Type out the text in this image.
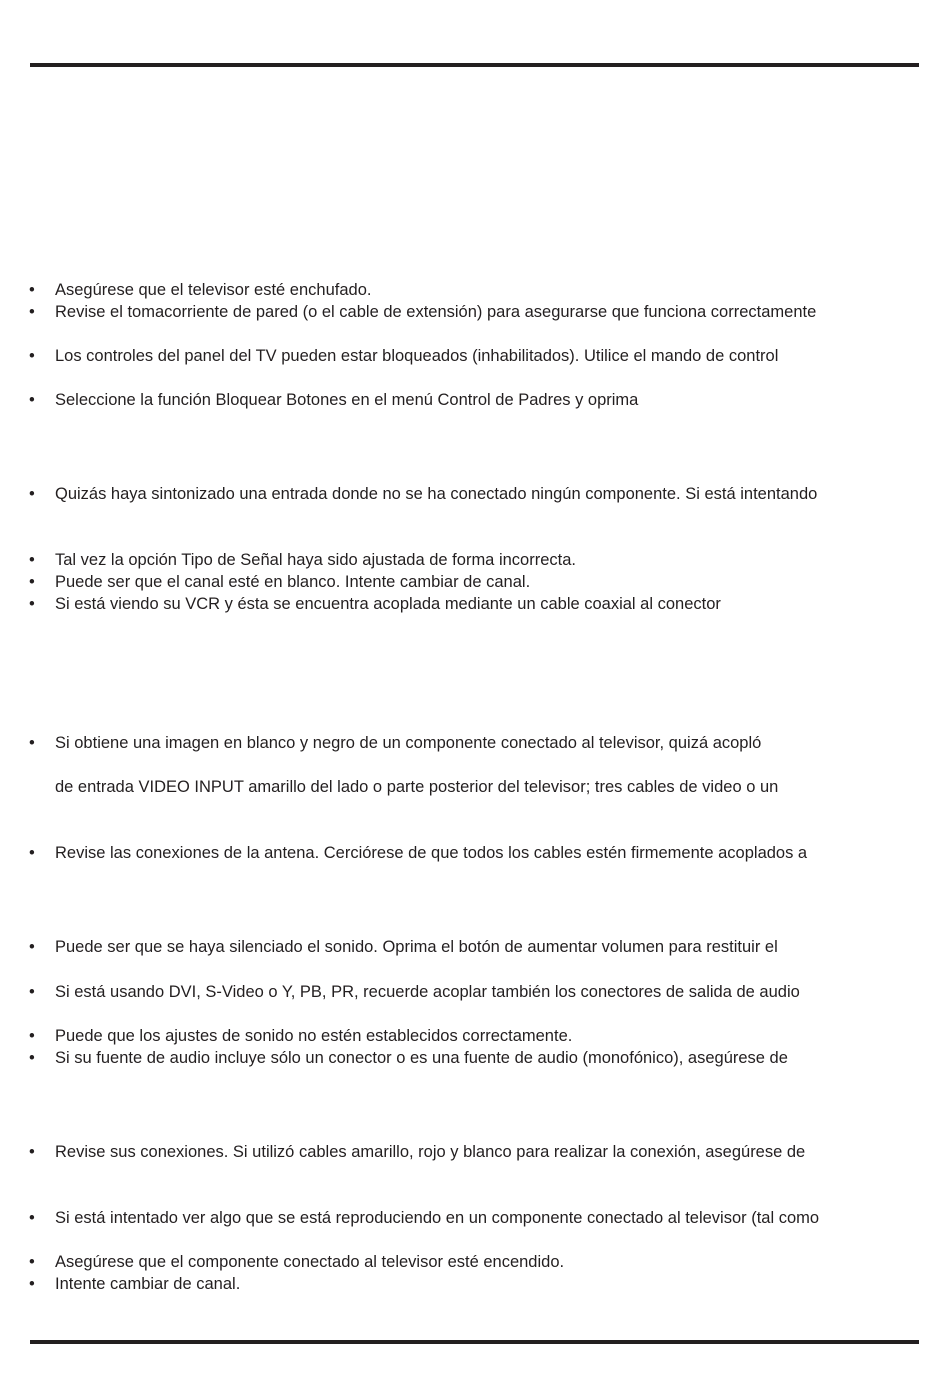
• Asegúrese que el televisor esté enchufado.
• Revise el tomacorriente de pared (o el cable de extensión) para asegurarse que funciona correctamente
• Los controles del panel del TV pueden estar bloqueados (inhabilitados). Utilice el mando de control
• Seleccione la función Bloquear Botones en el menú Control de Padres y oprima
• Quizás haya sintonizado una entrada donde no se ha conectado ningún componente. Si está intentando
• Tal vez la opción Tipo de Señal haya sido ajustada de forma incorrecta.
• Puede ser que el canal esté en blanco. Intente cambiar de canal.
• Si está viendo su VCR y ésta se encuentra acoplada mediante un cable coaxial al conector
• Si obtiene una imagen en blanco y negro de un componente conectado al televisor, quizá acopló
de entrada VIDEO INPUT amarillo del lado o parte posterior del televisor; tres cables de video o un
• Revise las conexiones de la antena. Cerciórese de que todos los cables estén firmemente acoplados a
• Puede ser que se haya silenciado el sonido. Oprima el botón de aumentar volumen para restituir el
• Si está usando DVI, S-Video o Y, PB, PR, recuerde acoplar también los conectores de salida de audio
• Puede que los ajustes de sonido no estén establecidos correctamente.
• Si su fuente de audio incluye sólo un conector o es una fuente de audio (monofónico), asegúrese de
• Revise sus conexiones. Si utilizó cables amarillo, rojo y blanco para realizar la conexión, asegúrese de
• Si está intentado ver algo que se está reproduciendo en un componente conectado al televisor (tal como
• Asegúrese que el componente conectado al televisor esté encendido.
• Intente cambiar de canal.
